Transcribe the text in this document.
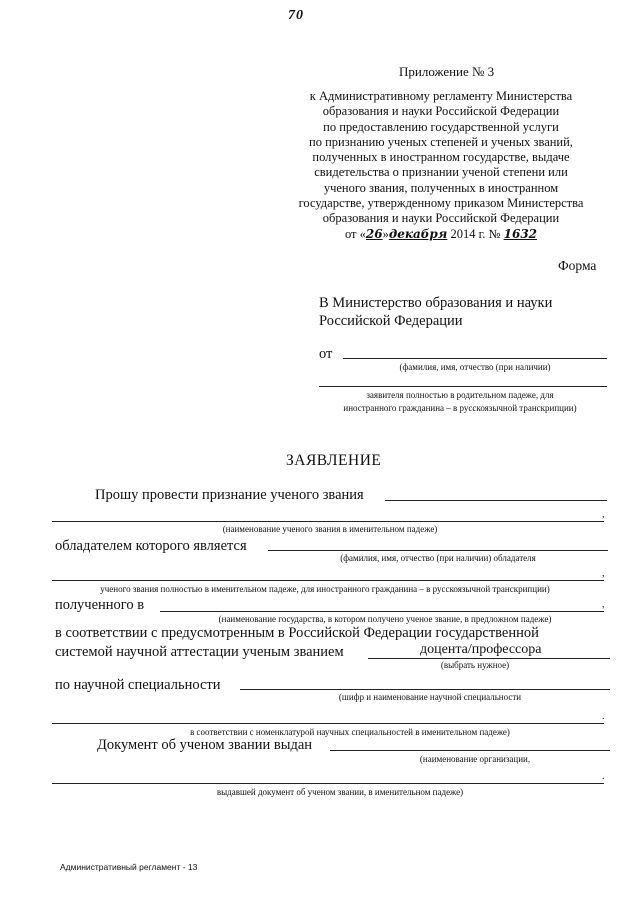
70
Приложение № 3
к Административному регламенту Министерства
образования и науки Российской Федерации
по предоставлению государственной услуги
по признанию ученых степеней и ученых званий,
полученных в иностранном государстве, выдаче
свидетельства о признании ученой степени или
ученого звания, полученных в иностранном
государстве, утвержденному приказом Министерства
образования и науки Российской Федерации
от «26»декабря 2014 г. № 1632
Форма
В Министерство образования и науки
Российской Федерации
от
(фамилия, имя, отчество (при наличии)
заявителя полностью в родительном падеже, для
иностранного гражданина – в русскоязычной транскрипции)
ЗАЯВЛЕНИЕ
Прошу провести признание ученого звания
,
(наименование ученого звания в именительном падеже)
обладателем которого является
(фамилия, имя, отчество (при наличии) обладателя
,
ученого звания полностью в именительном падеже, для иностранного гражданина – в русскоязычной транскрипции)
полученного в	,
(наименование государства, в котором получено ученое звание, в предложном падеже)
в соответствии с предусмотренным в Российской Федерации государственной
системой научной аттестации ученым званием	доцента/профессора
(выбрать нужное)
по научной специальности
(шифр и наименование научной специальности
.
в соответствии с номенклатурой научных специальностей в именительном падеже)
Документ об ученом звании выдан
(наименование организации,
.
выдавшей документ об ученом звании, в именительном падеже)
Административный регламент - 13
